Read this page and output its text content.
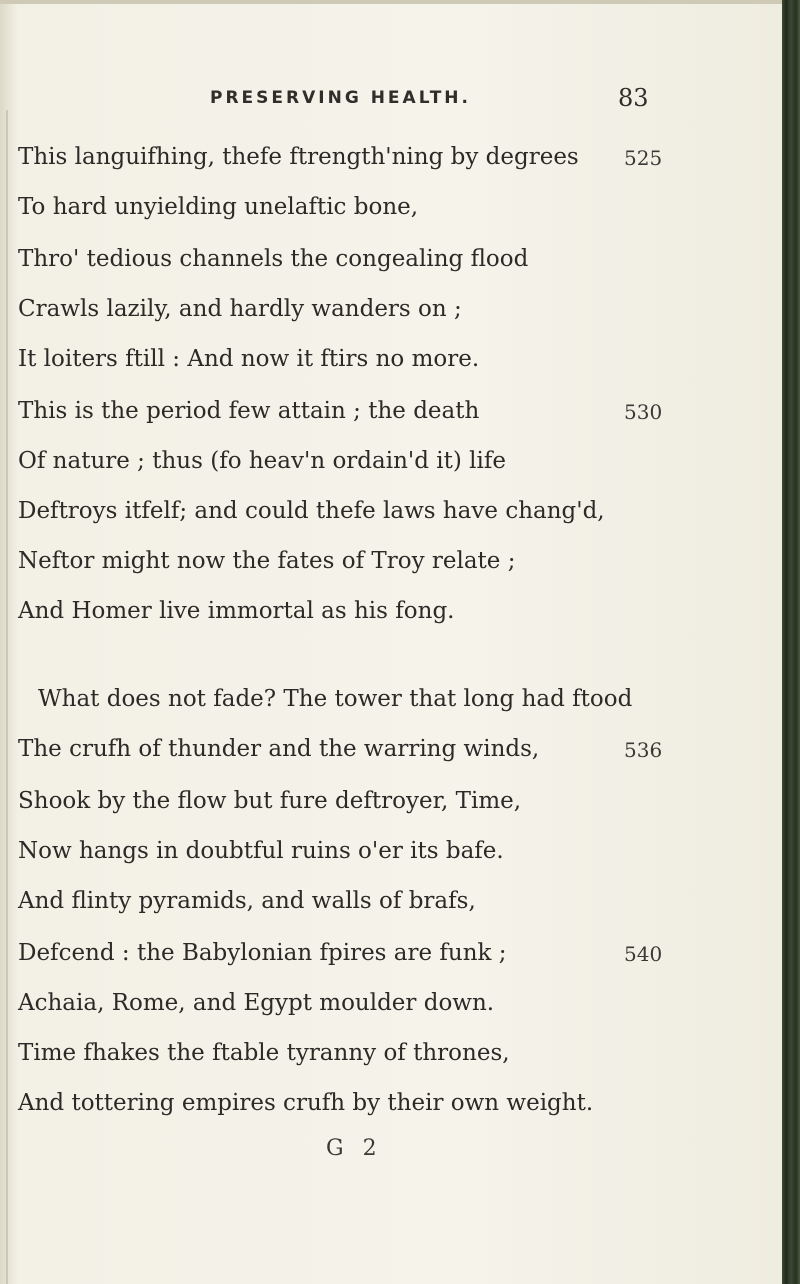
PRESERVING HEALTH.	83
This languifhing, thefe ftrength'ning by degrees 525
To hard unyielding unelaftic bone,
Thro' tedious channels the congealing flood
Crawls lazily, and hardly wanders on ;
It loiters ftill : And now it ftirs no more.
This is the period few attain ; the death	530
Of nature ; thus (fo heav'n ordain'd it) life
Deftroys itfelf; and could thefe laws have chang'd,
Neftor might now the fates of Troy relate ;
And Homer live immortal as his fong.
What does not fade? The tower that long had ftood
The crufh of thunder and the warring winds,	536
Shook by the flow but fure deftroyer, Time,
Now hangs in doubtful ruins o'er its bafe.
And flinty pyramids, and walls of brafs,
Defcend : the Babylonian fpires are funk ;	540
Achaia, Rome, and Egypt moulder down.
Time fhakes the ftable tyranny of thrones,
And tottering empires crufh by their own weight.
G 2
